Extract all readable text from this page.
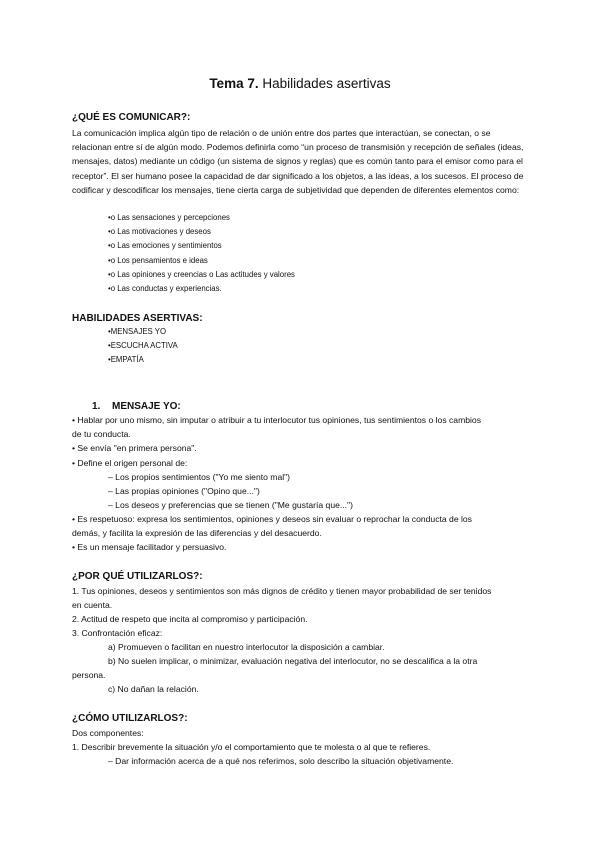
Tema 7. Habilidades asertivas
¿QUÉ ES COMUNICAR?:
La comunicación implica algún tipo de relación o de unión entre dos partes que interactúan, se conectan, o se relacionan entre sí de algún modo. Podemos definirla como “un proceso de transmisión y recepción de señales (ideas, mensajes, datos) mediante un código (un sistema de signos y reglas) que es común tanto para el emisor como para el receptor”. El ser humano posee la capacidad de dar significado a los objetos, a las ideas, a los sucesos. El proceso de codificar y descodificar los mensajes, tiene cierta carga de subjetividad que dependen de diferentes elementos como:
• o Las sensaciones y percepciones
• o Las motivaciones y deseos
• o Las emociones y sentimientos
• o Los pensamientos e ideas
• o Las opiniones y creencias o Las actitudes y valores
• o Las conductas y experiencias.
HABILIDADES ASERTIVAS:
• MENSAJES YO
• ESCUCHA ACTIVA
• EMPATÍA
1. MENSAJE YO:
• Hablar por uno mismo, sin imputar o atribuir a tu interlocutor tus opiniones, tus sentimientos o los cambios
de tu conducta.
• Se envía "en primera persona".
• Define el origen personal de:
– Los propios sentimientos ("Yo me siento mal")
– Las propias opiniones ("Opino que...")
– Los deseos y preferencias que se tienen ("Me gustaría que...")
• Es respetuoso: expresa los sentimientos, opiniones y deseos sin evaluar o reprochar la conducta de los
demás, y facilita la expresión de las diferencias y del desacuerdo.
• Es un mensaje facilitador y persuasivo.
¿POR QUÉ UTILIZARLOS?:
1. Tus opiniones, deseos y sentimientos son más dignos de crédito y tienen mayor probabilidad de ser tenidos
en cuenta.
2. Actitud de respeto que incita al compromiso y participación.
3. Confrontación eficaz:
a) Promueven o facilitan en nuestro interlocutor la disposición a cambiar.
b) No suelen implicar, o minimizar, evaluación negativa del interlocutor, no se descalifica a la otra
persona.
c) No dañan la relación.
¿CÓMO UTILIZARLOS?:
Dos componentes:
1. Describir brevemente la situación y/o el comportamiento que te molesta o al que te refieres.
– Dar información acerca de a qué nos referimos, solo describo la situación objetivamente.
